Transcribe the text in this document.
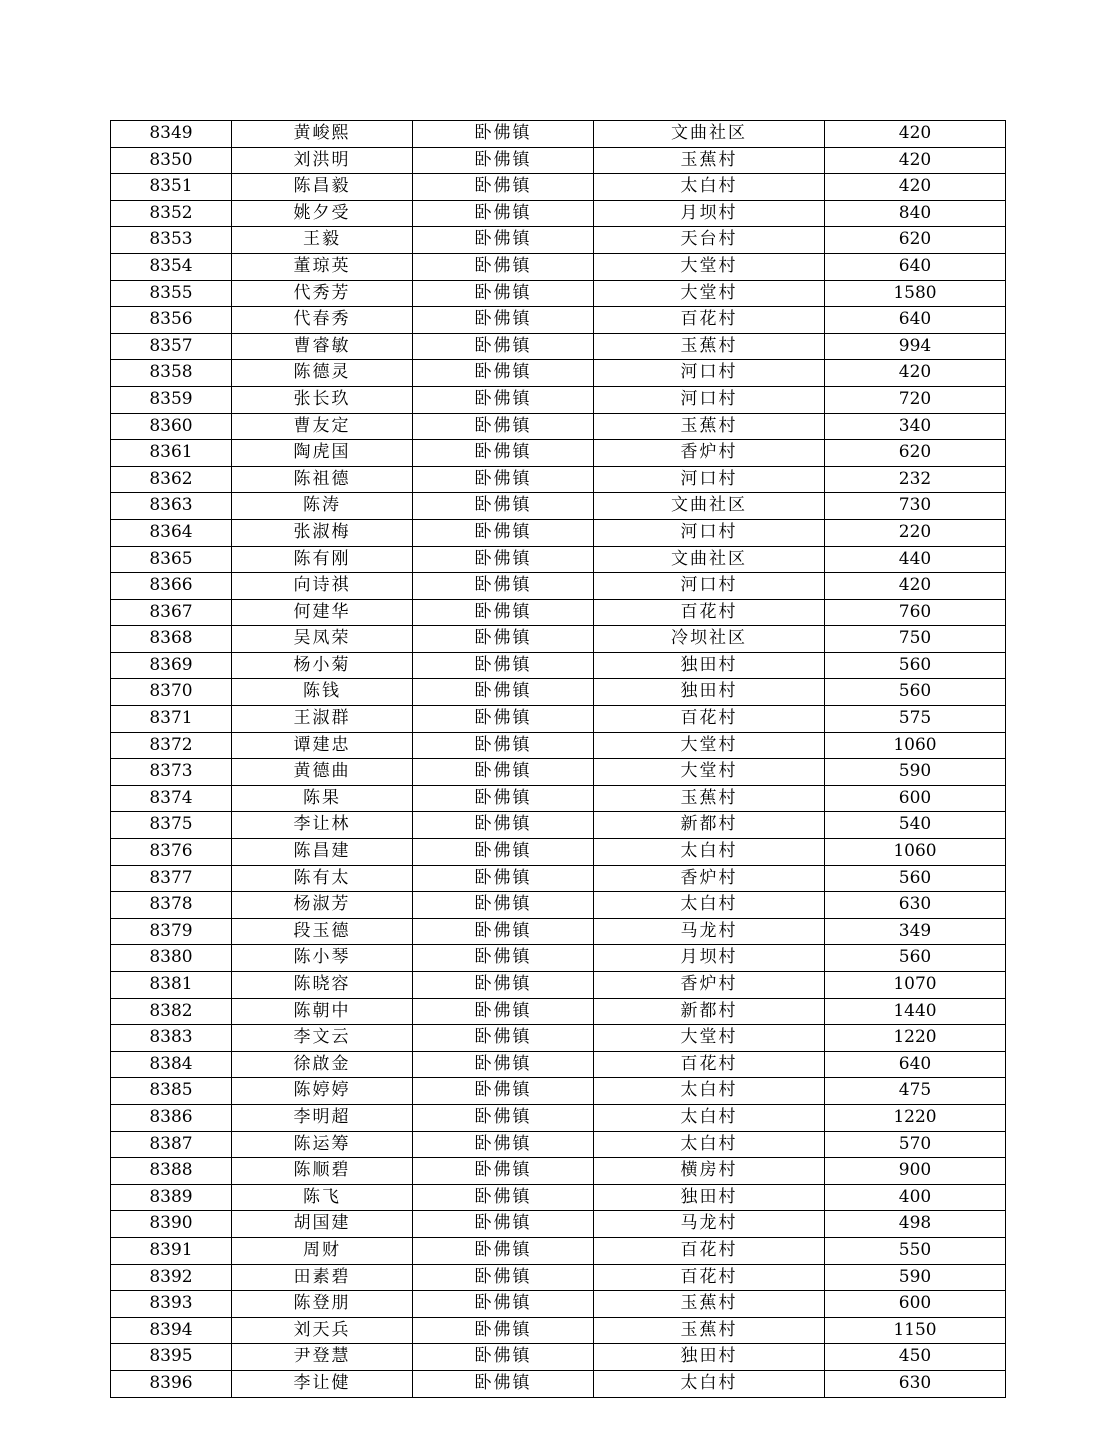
8349	黄峻熙	卧佛镇	文曲社区	420
8350	刘洪明	卧佛镇	玉蕉村	420
8351	陈昌毅	卧佛镇	太白村	420
8352	姚夕受	卧佛镇	月坝村	840
8353	王毅	卧佛镇	天台村	620
8354	董琼英	卧佛镇	大堂村	640
8355	代秀芳	卧佛镇	大堂村	1580
8356	代春秀	卧佛镇	百花村	640
8357	曹睿敏	卧佛镇	玉蕉村	994
8358	陈德灵	卧佛镇	河口村	420
8359	张长玖	卧佛镇	河口村	720
8360	曹友定	卧佛镇	玉蕉村	340
8361	陶虎国	卧佛镇	香炉村	620
8362	陈祖德	卧佛镇	河口村	232
8363	陈涛	卧佛镇	文曲社区	730
8364	张淑梅	卧佛镇	河口村	220
8365	陈有刚	卧佛镇	文曲社区	440
8366	向诗祺	卧佛镇	河口村	420
8367	何建华	卧佛镇	百花村	760
8368	吴凤荣	卧佛镇	冷坝社区	750
8369	杨小菊	卧佛镇	独田村	560
8370	陈钱	卧佛镇	独田村	560
8371	王淑群	卧佛镇	百花村	575
8372	谭建忠	卧佛镇	大堂村	1060
8373	黄德曲	卧佛镇	大堂村	590
8374	陈果	卧佛镇	玉蕉村	600
8375	李让林	卧佛镇	新都村	540
8376	陈昌建	卧佛镇	太白村	1060
8377	陈有太	卧佛镇	香炉村	560
8378	杨淑芳	卧佛镇	太白村	630
8379	段玉德	卧佛镇	马龙村	349
8380	陈小琴	卧佛镇	月坝村	560
8381	陈晓容	卧佛镇	香炉村	1070
8382	陈朝中	卧佛镇	新都村	1440
8383	李文云	卧佛镇	大堂村	1220
8384	徐啟金	卧佛镇	百花村	640
8385	陈婷婷	卧佛镇	太白村	475
8386	李明超	卧佛镇	太白村	1220
8387	陈运筹	卧佛镇	太白村	570
8388	陈顺碧	卧佛镇	横房村	900
8389	陈飞	卧佛镇	独田村	400
8390	胡国建	卧佛镇	马龙村	498
8391	周财	卧佛镇	百花村	550
8392	田素碧	卧佛镇	百花村	590
8393	陈登朋	卧佛镇	玉蕉村	600
8394	刘天兵	卧佛镇	玉蕉村	1150
8395	尹登慧	卧佛镇	独田村	450
8396	李让健	卧佛镇	太白村	630
